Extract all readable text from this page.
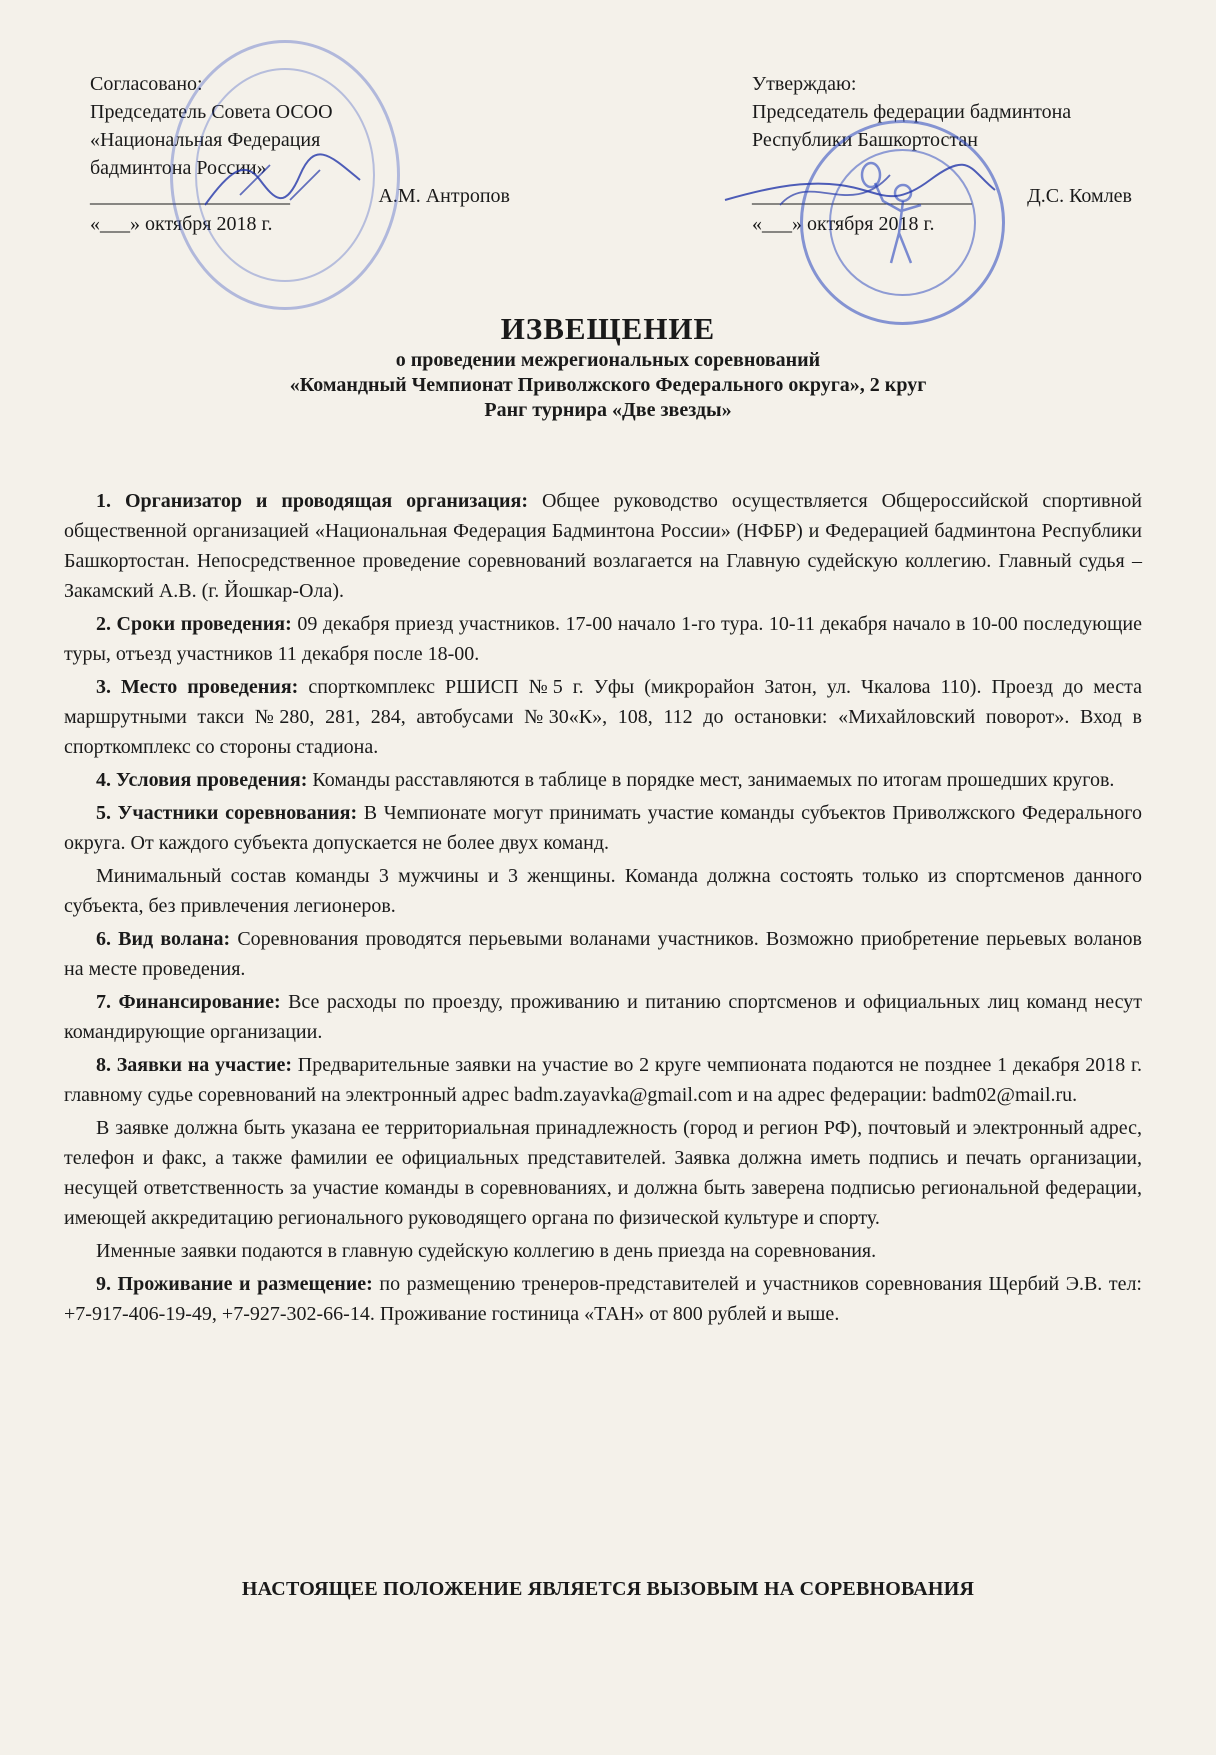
Согласовано:
Председатель Совета ОСОО
«Национальная Федерация
бадминтона России»
____________________	А.М. Антропов
«___» октября 2018 г.
Утверждаю:
Председатель федерации бадминтона
Республики Башкортостан
______________________	Д.С. Комлев
«___» октября 2018 г.
ИЗВЕЩЕНИЕ
о проведении межрегиональных соревнований
«Командный Чемпионат Приволжского Федерального округа», 2 круг
Ранг турнира «Две звезды»

1. Организатор и проводящая организация: Общее руководство осуществляется Общероссийской спортивной общественной организацией «Национальная Федерация Бадминтона России» (НФБР) и Федерацией бадминтона Республики Башкортостан. Непосредственное проведение соревнований возлагается на Главную судейскую коллегию. Главный судья – Закамский А.В. (г. Йошкар-Ола).

2. Сроки проведения: 09 декабря приезд участников. 17-00 начало 1-го тура. 10-11 декабря начало в 10-00 последующие туры, отъезд участников 11 декабря после 18-00.

3. Место проведения: спорткомплекс РШИСП №5 г. Уфы (микрорайон Затон, ул. Чкалова 110). Проезд до места маршрутными такси №280, 281, 284, автобусами №30«К», 108, 112 до остановки: «Михайловский поворот». Вход в спорткомплекс со стороны стадиона.

4. Условия проведения: Команды расставляются в таблице в порядке мест, занимаемых по итогам прошедших кругов.

5. Участники соревнования: В Чемпионате могут принимать участие команды субъектов Приволжского Федерального округа. От каждого субъекта допускается не более двух команд.

Минимальный состав команды 3 мужчины и 3 женщины. Команда должна состоять только из спортсменов данного субъекта, без привлечения легионеров.

6. Вид волана: Соревнования проводятся перьевыми воланами участников. Возможно приобретение перьевых воланов на месте проведения.

7. Финансирование: Все расходы по проезду, проживанию и питанию спортсменов и официальных лиц команд несут командирующие организации.

8. Заявки на участие: Предварительные заявки на участие во 2 круге чемпионата подаются не позднее 1 декабря 2018 г. главному судье соревнований на электронный адрес badm.zayavka@gmail.com и на адрес федерации: badm02@mail.ru.

В заявке должна быть указана ее территориальная принадлежность (город и регион РФ), почтовый и электронный адрес, телефон и факс, а также фамилии ее официальных представителей. Заявка должна иметь подпись и печать организации, несущей ответственность за участие команды в соревнованиях, и должна быть заверена подписью региональной федерации, имеющей аккредитацию регионального руководящего органа по физической культуре и спорту.

Именные заявки подаются в главную судейскую коллегию в день приезда на соревнования.

9. Проживание и размещение: по размещению тренеров-представителей и участников соревнования Щербий Э.В. тел: +7-917-406-19-49, +7-927-302-66-14. Проживание гостиница «ТАН» от 800 рублей и выше.

НАСТОЯЩЕЕ ПОЛОЖЕНИЕ ЯВЛЯЕТСЯ ВЫЗОВЫМ НА СОРЕВНОВАНИЯ
